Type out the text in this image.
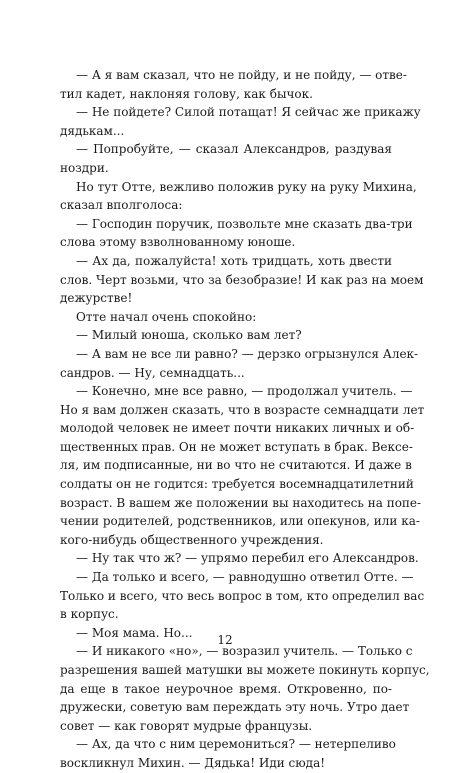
— А я вам сказал, что не пойду, и не пойду, — отве-
тил кадет, наклоняя голову, как бычок.
— Не пойдете? Силой потащат! Я сейчас же прикажу
дядькам...
— Попробуйте, — сказал Александров, раздувая
ноздри.
Но тут Отте, вежливо положив руку на руку Михина,
сказал вполголоса:
— Господин поручик, позвольте мне сказать два-три
слова этому взволнованному юноше.
— Ах да, пожалуйста! хоть тридцать, хоть двести
слов. Черт возьми, что за безобразие! И как раз на моем
дежурстве!
Отте начал очень спокойно:
— Милый юноша, сколько вам лет?
— А вам не все ли равно? — дерзко огрызнулся Алек-
сандров. — Ну, семнадцать...
— Конечно, мне все равно, — продолжал учитель. —
Но я вам должен сказать, что в возрасте семнадцати лет
молодой человек не имеет почти никаких личных и об-
щественных прав. Он не может вступать в брак. Вексе-
ля, им подписанные, ни во что не считаются. И даже в
солдаты он не годится: требуется восемнадцатилетний
возраст. В вашем же положении вы находитесь на попе-
чении родителей, родственников, или опекунов, или ка-
кого-нибудь общественного учреждения.
— Ну так что ж? — упрямо перебил его Александров.
— Да только и всего, — равнодушно ответил Отте. —
Только и всего, что весь вопрос в том, кто определил вас
в корпус.
— Моя мама. Но...
— И никакого «но», — возразил учитель. — Только с
разрешения вашей матушки вы можете покинуть корпус,
да еще в такое неурочное время. Откровенно, по-
дружески, советую вам переждать эту ночь. Утро дает
совет — как говорят мудрые французы.
— Ах, да что с ним церемониться? — нетерпеливо
воскликнул Михин. — Дядька! Иди сюда!
12
